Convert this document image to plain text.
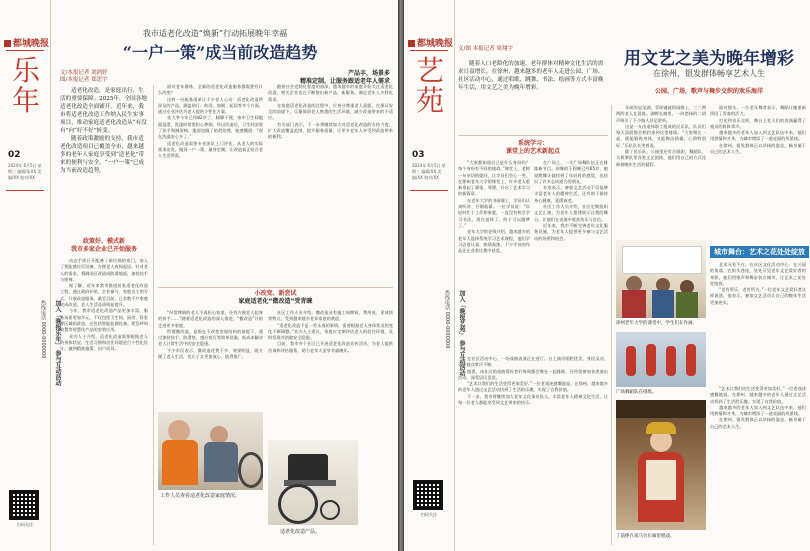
都城晚报
乐年
02
2024年 6月5日 星期三 编辑/张XX 美编/XX 校对/XX
热线电话 0000-0000000	加入「晚报乐年」 参与互动活动
扫码关注
我市适老化改造“焕新”行动拓展晚年幸福
“一户一策”成当前改造趋势
文/本报记者 刘润婷
图/本报记者 郑思宇
产品丰，场景多
精准定制，让服务跟适老年人需求

适老化改造，是家庭出行、生活的重要保障。2025年，全国各地适老化改造全面铺开。近年来，我市将适老化改造工作纳入民生实事项目，推动家庭适老化改造从“有没有”向“好不好”转变。

随着政策激励的支持，我市适老化改造项目已覆盖全市，越来越多的老年人家庭享受到“适老化”带来的便利与安全。“一户一策”已成为当前改造趋势。

政策好、模式新
我市多家企业已开始服务

动态手续日开配备了新位细的家门，加入了智能感应灯设备，方便老人夜间起居。针对老人的需求，将淋浴区改造成防滑地面，加装扶手与座椅。

据了解，近年来我市推进居家适老化改造工程，通过政府补贴、企业参与、家庭自主的方式，开展改造服务。截至目前，已有数千户家庭完成改造，老人生活品质明显提升。

今年，我市适老化改造产品更加丰富，服务场景更加多元，不仅包括卫生间、厨房、卧室等区域的改造，还包括智能监测设备、紧急呼叫装置等智慧化产品的安装应用。

业内人士介绍，适老化改造需要根据老人的身体状况、生活习惯和居住环境进行个性化设计，做到精准施策、因户而异。

面对老年群体，全新的适老化改造服务都需要有什么改变？

这样一份服务清单让不少老人心动：适老化改造所涉及的产品，涵盖助行、助浴、如厕、起居等多个方面，通过专业评估为老人提供个性化方案。

张大爷今年已经82岁了，腿脚不便，家中卫生间地面湿滑，洗澡时常常担心摔倒。经过改造后，卫生间安装了扶手和淋浴椅，地面也做了防滑处理，他感慨道：“现在洗澡安心多了。”

适老化改造需要专业团队上门评估，从老人的实际需求出发，做到一户一策、量身定制，让改造真正贴合老人生活所需。

随着社会老龄化程度的加深，越来越多的家庭开始关注适老化改造，相关企业也在不断推出新产品、新服务，满足老年人多样化需求。

在家庭适老化改造的过程中，应充分尊重老人意愿，在保证安全的前提下，尽量保留老人熟悉的生活环境，减少改造带来的不适应。

有关部门表示，下一步将继续加大对适老化改造的支持力度，扩大改造覆盖范围，提升服务质量，让更多老年人享受到改造带来的便利。

小改变、新尝试
家庭适老化“微改造”受青睐

“经常摔倒的老人不再担心家里，还有方便老人起身的扶手……”随着适老化改造的深入推进，“微改造”开始走进更多家庭。

所谓微改造，是指在不改变房屋结构的前提下，通过加装扶手、防滑垫、感应夜灯等简单设施，低成本解决老人日常生活中的安全隐患。

不少市民表示，微改造花费不多、效果明显，既方便了老人生活，也让子女更加放心，值得推广。

社区工作人员介绍，微改造具有施工周期短、费用低、见效快等特点，受到越来越多老年家庭的欢迎。

“适老化改造不是一劳永逸的事情，需要根据老人身体状况的变化不断调整。”业内人士建议，家庭应定期评估老人的居住环境，及时发现并消除安全隐患。

目前，我市多个社区已开展适老化改造宣传活动，为老人提供咨询和评估服务，助力老年人安享幸福晚年。

工作人员查看适老化改造家庭情况。
适老化改造产品。
都城晚报
艺苑
03
2024年 6月5日 星期三 编辑/XX 美编/XX 校对/XX
热线电话 0000-0000000	加入「晚报艺苑」 参与互动活动
扫码关注
文/图 本报记者 周翔宇

随着人口老龄化的加速，老年群体对精神文化生活的需求日益增长。在徐州，越来越多的老年人走进公园、广场、社区活动中心，通过唱歌、跳舞、书法、绘画等方式丰富晚年生活，用文艺之美为晚年增彩。

用文艺之美为晚年增彩
在徐州，银发群体畅享艺术人生
公园、广场，歌声与舞步交织的欢乐海洋
系统学习：
课堂上的艺术新起点

“大家都知道自己是什么身份吗？每个身份有不同的使命。”课堂上，老师一句亲切的提问，让学员们会心一笑。在徐州老年大学的课堂上，许多老人重新拿起了画笔、琴谱，开启了艺术学习的新篇章。

在老年大学的书画课上，学员们认真听讲、仔细临摹。一位学员说：“年轻时忙于工作和家庭，一直没有机会学习书法，现在退休了，终于可以圆梦了。”

老年大学的老师介绍，越来越多的老年人选择系统学习艺术课程，他们学习态度认真、热情高涨，不少学员的作品还在各类比赛中获奖。

在广场上，一支广场舞队伍正在排练新节目。领舞的王阿姨已经65岁，她说跳舞让她找到了年轻时的感觉，也结识了许多志同道合的朋友。

专家表示，参加文艺活动不仅能够丰富老年人的精神生活，还有助于保持身心健康，延缓衰老。

社区工作人员介绍，社区定期组织文艺汇演，为老年人搭建展示自我的舞台，让他们在表演中收获快乐与自信。

近年来，我市不断完善老年文化服务设施，为老年人提供更多参与文艺活动的场所和机会。

年前的冠龙湖，青砖铺就的园路上，三三两两的老人在晨练。湖畔长廊里，一阵悠扬的二胡声吸引了不少路人驻足聆听。

这是一支由退休职工组成的民乐队，队员们每天清晨都会相约来到这里排练。“大家聚在一起，既能锻炼身体，又能陶冶情操，心情特别好。”乐队队长笑着说。

除了民乐队，公园里还有合唱团、舞蹈队、太极拳队等各类文艺团体，他们用自己的方式诠释着晚年生活的精彩。

面对镜头，一位老年舞者表示，舞蹈让她重新找回了青春的活力。

打光和音乐交织，舞台上老人们的表演赢得了观众的阵阵掌声。

越来越多的老年人加入到文艺队伍中来，他们用热情和才华，为城市增添了一道亮丽的风景线。

在徐州，银发群体正以昂扬的姿态，畅享属于自己的艺术人生。

徐州老年大学的课堂中，学生们在作画。
城市舞台：艺术之花处处绽放

艺术无处不在。在社区文化活动中心、在公园的角落、在街头巷尾，处处可见老年文艺爱好者的身影，他们用歌声和舞步装点城市，让艺术之花处处绽放。

“老有所乐，老有所为。”一位老年文艺爱好者这样说道。他表示，参加文艺活动让自己的晚年生活更加充实。

在社区活动中心，一场戏曲表演正在进行。台上演员唱腔优美、身段灵动，台下观众掌声不断。

据悉，该社区的戏曲爱好者们每周都会聚在一起排练，还经常参加各类演出活动，深受居民喜爱。

“艺术让我们的生活变得更加美好。”一位老戏迷感慨地说。在徐州，越来越多的老年人通过文艺活动找到了生活的乐趣，实现了自我价值。

下一步，我市将继续加大老年文化事业投入，丰富老年人精神文化生活，让每一位老人都能享受到文艺带来的快乐。

广场舞蹈队在排练。
丁前捧在戏马台长廊里唱戏。

“艺术让我们的生活变得更加美好。”一位老戏迷感慨地说。在徐州，越来越多的老年人通过文艺活动找到了生活的乐趣，实现了自我价值。

越来越多的老年人加入到文艺队伍中来，他们用热情和才华，为城市增添了一道亮丽的风景线。

在徐州，银发群体正以昂扬的姿态，畅享属于自己的艺术人生。
